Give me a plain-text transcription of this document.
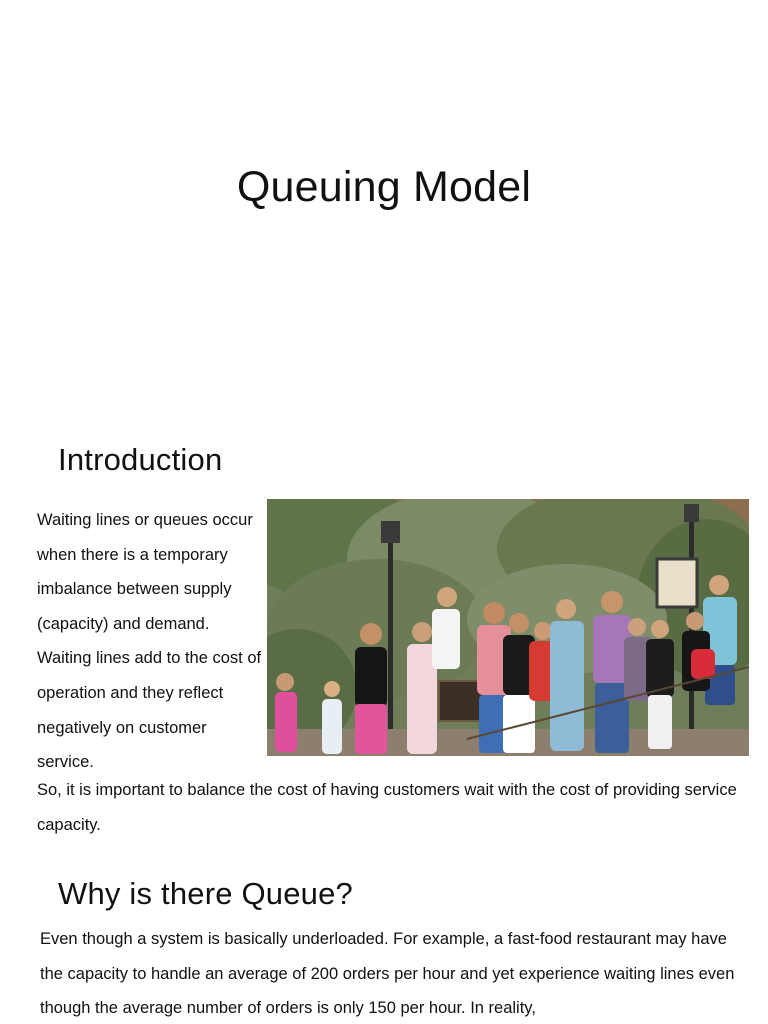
Queuing Model
Introduction

Waiting lines or queues occur when there is a temporary imbalance between supply (capacity) and demand. Waiting lines add to the cost of operation and they reflect negatively on customer service.

So, it is important to balance the cost of having customers wait with the cost of providing service capacity.

Why is there Queue?

Even though a system is basically underloaded. For example, a fast-food restaurant may have the capacity to handle an average of 200 orders per hour and yet experience waiting lines even though the average number of orders is only 150 per hour. In reality,
